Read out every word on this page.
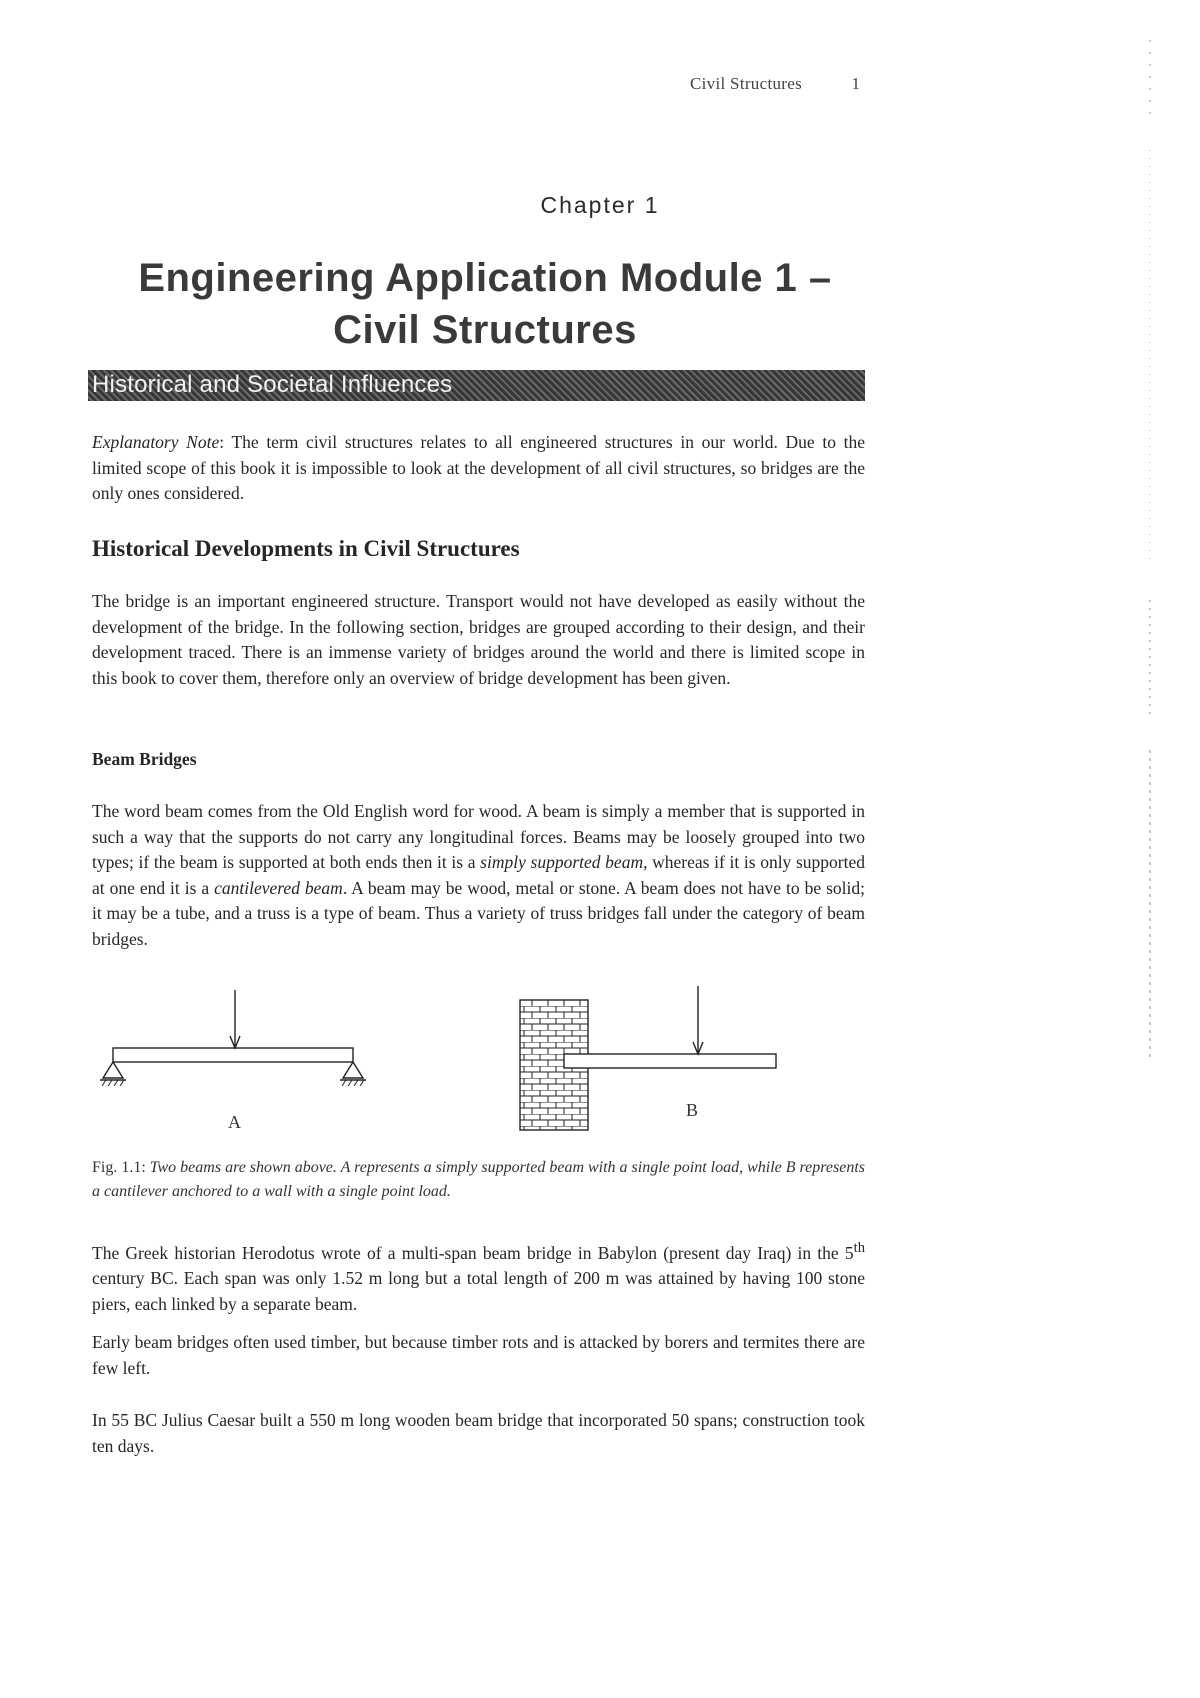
Civil Structures	1
Chapter 1
Engineering Application Module 1 –
Civil Structures
Historical and Societal Influences
Explanatory Note: The term civil structures relates to all engineered structures in our world. Due to the limited scope of this book it is impossible to look at the development of all civil structures, so bridges are the only ones considered.
Historical Developments in Civil Structures
The bridge is an important engineered structure. Transport would not have developed as easily without the development of the bridge. In the following section, bridges are grouped according to their design, and their development traced. There is an immense variety of bridges around the world and there is limited scope in this book to cover them, therefore only an overview of bridge development has been given.
Beam Bridges
The word beam comes from the Old English word for wood. A beam is simply a member that is supported in such a way that the supports do not carry any longitudinal forces. Beams may be loosely grouped into two types; if the beam is supported at both ends then it is a simply supported beam, whereas if it is only supported at one end it is a cantilevered beam. A beam may be wood, metal or stone. A beam does not have to be solid; it may be a tube, and a truss is a type of beam. Thus a variety of truss bridges fall under the category of beam bridges.
A
B
Fig. 1.1: Two beams are shown above. A represents a simply supported beam with a single point load, while B represents a cantilever anchored to a wall with a single point load.
The Greek historian Herodotus wrote of a multi-span beam bridge in Babylon (present day Iraq) in the 5th century BC. Each span was only 1.52 m long but a total length of 200 m was attained by having 100 stone piers, each linked by a separate beam.
Early beam bridges often used timber, but because timber rots and is attacked by borers and termites there are few left.
In 55 BC Julius Caesar built a 550 m long wooden beam bridge that incorporated 50 spans; construction took ten days.
